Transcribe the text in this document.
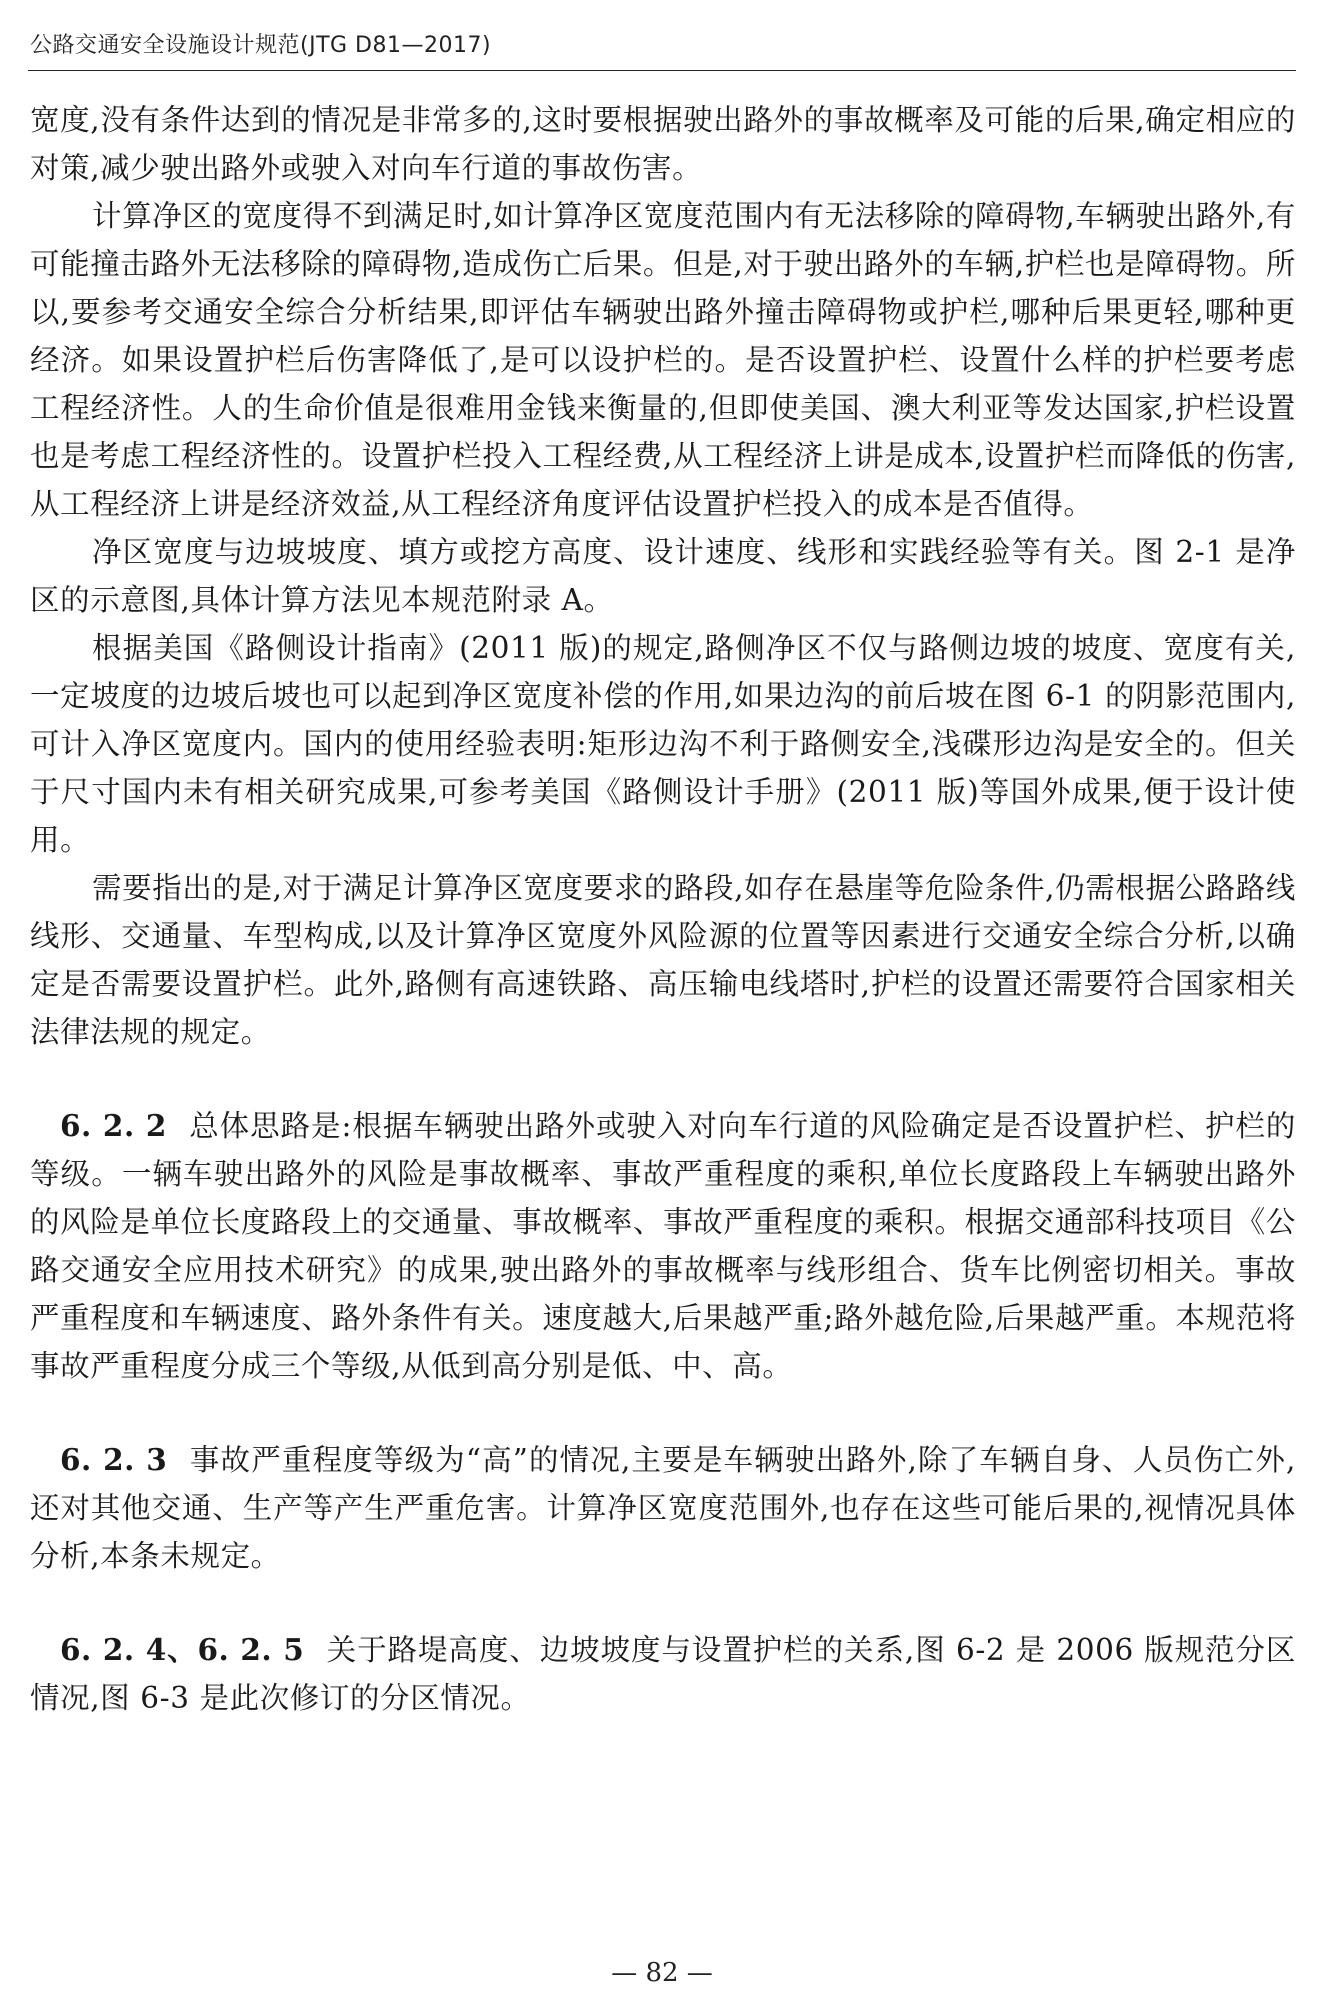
公路交通安全设施设计规范(JTG D81—2017)

宽度,没有条件达到的情况是非常多的,这时要根据驶出路外的事故概率及可能的后果,确定相应的对策,减少驶出路外或驶入对向车行道的事故伤害。

计算净区的宽度得不到满足时,如计算净区宽度范围内有无法移除的障碍物,车辆驶出路外,有可能撞击路外无法移除的障碍物,造成伤亡后果。但是,对于驶出路外的车辆,护栏也是障碍物。所以,要参考交通安全综合分析结果,即评估车辆驶出路外撞击障碍物或护栏,哪种后果更轻,哪种更经济。如果设置护栏后伤害降低了,是可以设护栏的。是否设置护栏、设置什么样的护栏要考虑工程经济性。人的生命价值是很难用金钱来衡量的,但即使美国、澳大利亚等发达国家,护栏设置也是考虑工程经济性的。设置护栏投入工程经费,从工程经济上讲是成本,设置护栏而降低的伤害,从工程经济上讲是经济效益,从工程经济角度评估设置护栏投入的成本是否值得。

净区宽度与边坡坡度、填方或挖方高度、设计速度、线形和实践经验等有关。图 2-1 是净区的示意图,具体计算方法见本规范附录 A。

根据美国《路侧设计指南》(2011 版)的规定,路侧净区不仅与路侧边坡的坡度、宽度有关,一定坡度的边坡后坡也可以起到净区宽度补偿的作用,如果边沟的前后坡在图 6-1 的阴影范围内,可计入净区宽度内。国内的使用经验表明:矩形边沟不利于路侧安全,浅碟形边沟是安全的。但关于尺寸国内未有相关研究成果,可参考美国《路侧设计手册》(2011 版)等国外成果,便于设计使用。

需要指出的是,对于满足计算净区宽度要求的路段,如存在悬崖等危险条件,仍需根据公路路线线形、交通量、车型构成,以及计算净区宽度外风险源的位置等因素进行交通安全综合分析,以确定是否需要设置护栏。此外,路侧有高速铁路、高压输电线塔时,护栏的设置还需要符合国家相关法律法规的规定。

6. 2. 2 总体思路是:根据车辆驶出路外或驶入对向车行道的风险确定是否设置护栏、护栏的等级。一辆车驶出路外的风险是事故概率、事故严重程度的乘积,单位长度路段上车辆驶出路外的风险是单位长度路段上的交通量、事故概率、事故严重程度的乘积。根据交通部科技项目《公路交通安全应用技术研究》的成果,驶出路外的事故概率与线形组合、货车比例密切相关。事故严重程度和车辆速度、路外条件有关。速度越大,后果越严重;路外越危险,后果越严重。本规范将事故严重程度分成三个等级,从低到高分别是低、中、高。

6. 2. 3 事故严重程度等级为“高”的情况,主要是车辆驶出路外,除了车辆自身、人员伤亡外,还对其他交通、生产等产生严重危害。计算净区宽度范围外,也存在这些可能后果的,视情况具体分析,本条未规定。

6. 2. 4、6. 2. 5 关于路堤高度、边坡坡度与设置护栏的关系,图 6-2 是 2006 版规范分区情况,图 6-3 是此次修订的分区情况。

— 82 —
